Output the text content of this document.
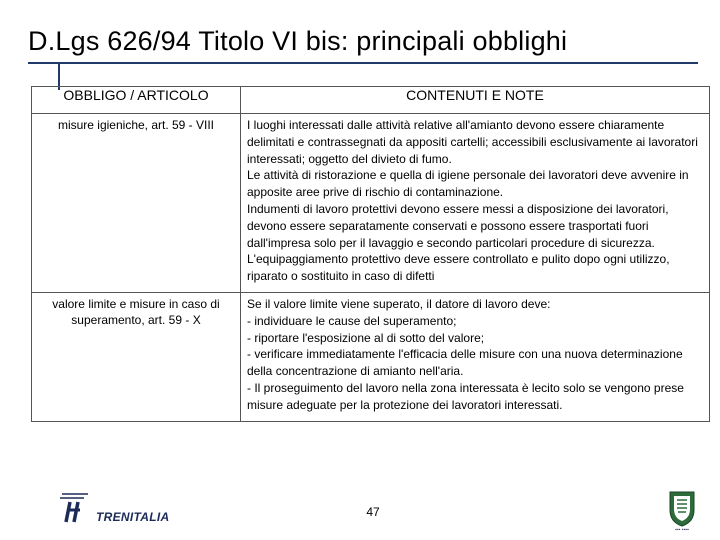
D.Lgs 626/94 Titolo VI bis: principali obblighi
OBBLIGO / ARTICOLO	CONTENUTI E NOTE
misure igieniche, art. 59 - VIII	I luoghi interessati dalle attività relative all'amianto devono essere chiaramente delimitati e contrassegnati da appositi cartelli; accessibili esclusivamente ai lavoratori interessati; oggetto del divieto di fumo.
Le attività di ristorazione e quella di igiene personale dei lavoratori deve avvenire in apposite aree prive di rischio di contaminazione.
Indumenti di lavoro protettivi devono essere messi a disposizione dei lavoratori, devono essere separatamente conservati e possono essere trasportati fuori dall'impresa solo per il lavaggio e secondo particolari procedure di sicurezza.
L'equipaggiamento protettivo deve essere controllato e pulito dopo ogni utilizzo, riparato o sostituito in caso di difetti

valore limite e misure in caso di superamento, art. 59 - X	Se il valore limite viene superato, il datore di lavoro deve:
- individuare le cause del superamento;
- riportare l'esposizione al di sotto del valore;
- verificare immediatamente l'efficacia delle misure con una nuova determinazione della concentrazione di amianto nell'aria.
- Il proseguimento del lavoro nella zona interessata è lecito solo se vengono prese misure adeguate per la protezione dei lavoratori interessati.
TRENITALIA	47
▪▪▪ ▪▪▪▪
